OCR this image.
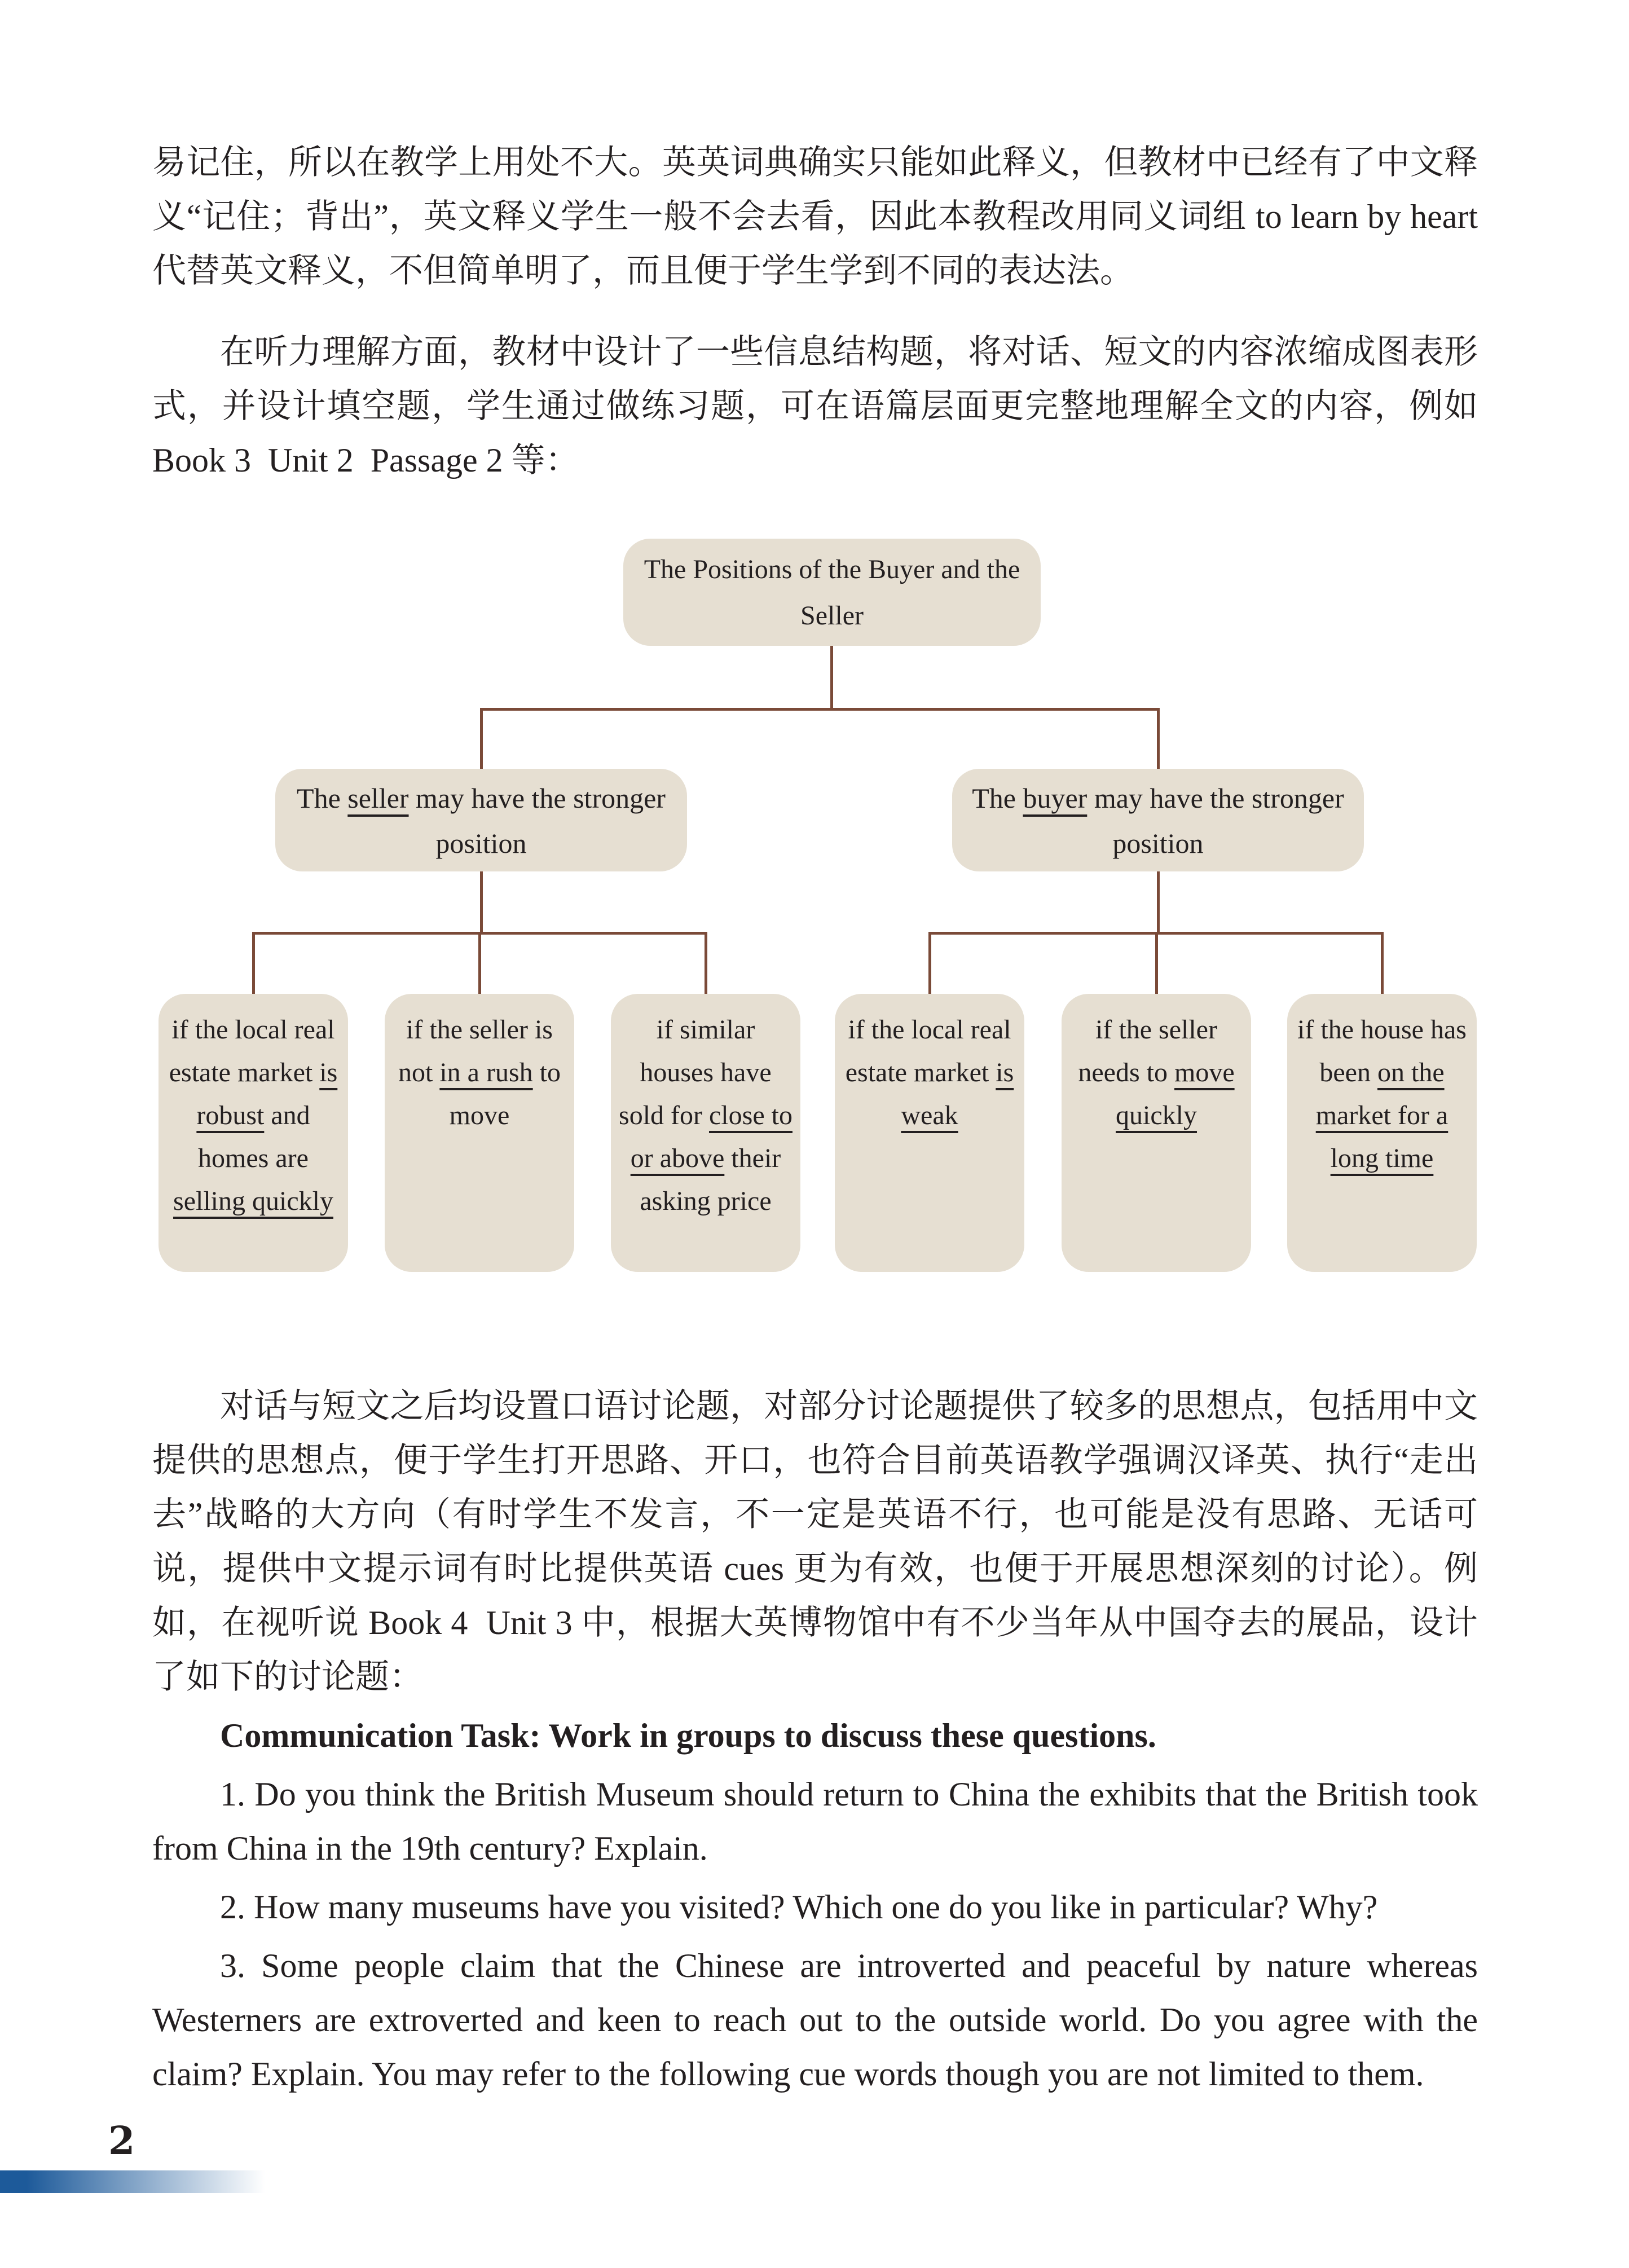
易记住，所以在教学上用处不大。英英词典确实只能如此释义，但教材中已经有了中文释义“记住；背出”，英文释义学生一般不会去看，因此本教程改用同义词组 to learn by heart 代替英文释义，不但简单明了，而且便于学生学到不同的表达法。

在听力理解方面，教材中设计了一些信息结构题，将对话、短文的内容浓缩成图表形式，并设计填空题，学生通过做练习题，可在语篇层面更完整地理解全文的内容，例如 Book 3  Unit 2  Passage 2 等：

The Positions of the Buyer and the Seller
The seller may have the stronger position
The buyer may have the stronger position
if the local real estate market is robust and homes are selling quickly
if the seller is not in a rush to move
if similar houses have sold for close to or above their asking price
if the local real estate market is weak
if the seller needs to move quickly
if the house has been on the market for a long time

对话与短文之后均设置口语讨论题，对部分讨论题提供了较多的思想点，包括用中文提供的思想点，便于学生打开思路、开口，也符合目前英语教学强调汉译英、执行“走出去”战略的大方向（有时学生不发言，不一定是英语不行，也可能是没有思路、无话可说，提供中文提示词有时比提供英语 cues 更为有效，也便于开展思想深刻的讨论）。例如，在视听说 Book 4  Unit 3 中，根据大英博物馆中有不少当年从中国夺去的展品，设计了如下的讨论题：

Communication Task: Work in groups to discuss these questions.

1. Do you think the British Museum should return to China the exhibits that the British took from China in the 19th century? Explain.

2. How many museums have you visited? Which one do you like in particular? Why?

3. Some people claim that the Chinese are introverted and peaceful by nature whereas Westerners are extroverted and keen to reach out to the outside world. Do you agree with the claim? Explain. You may refer to the following cue words though you are not limited to them.

2
